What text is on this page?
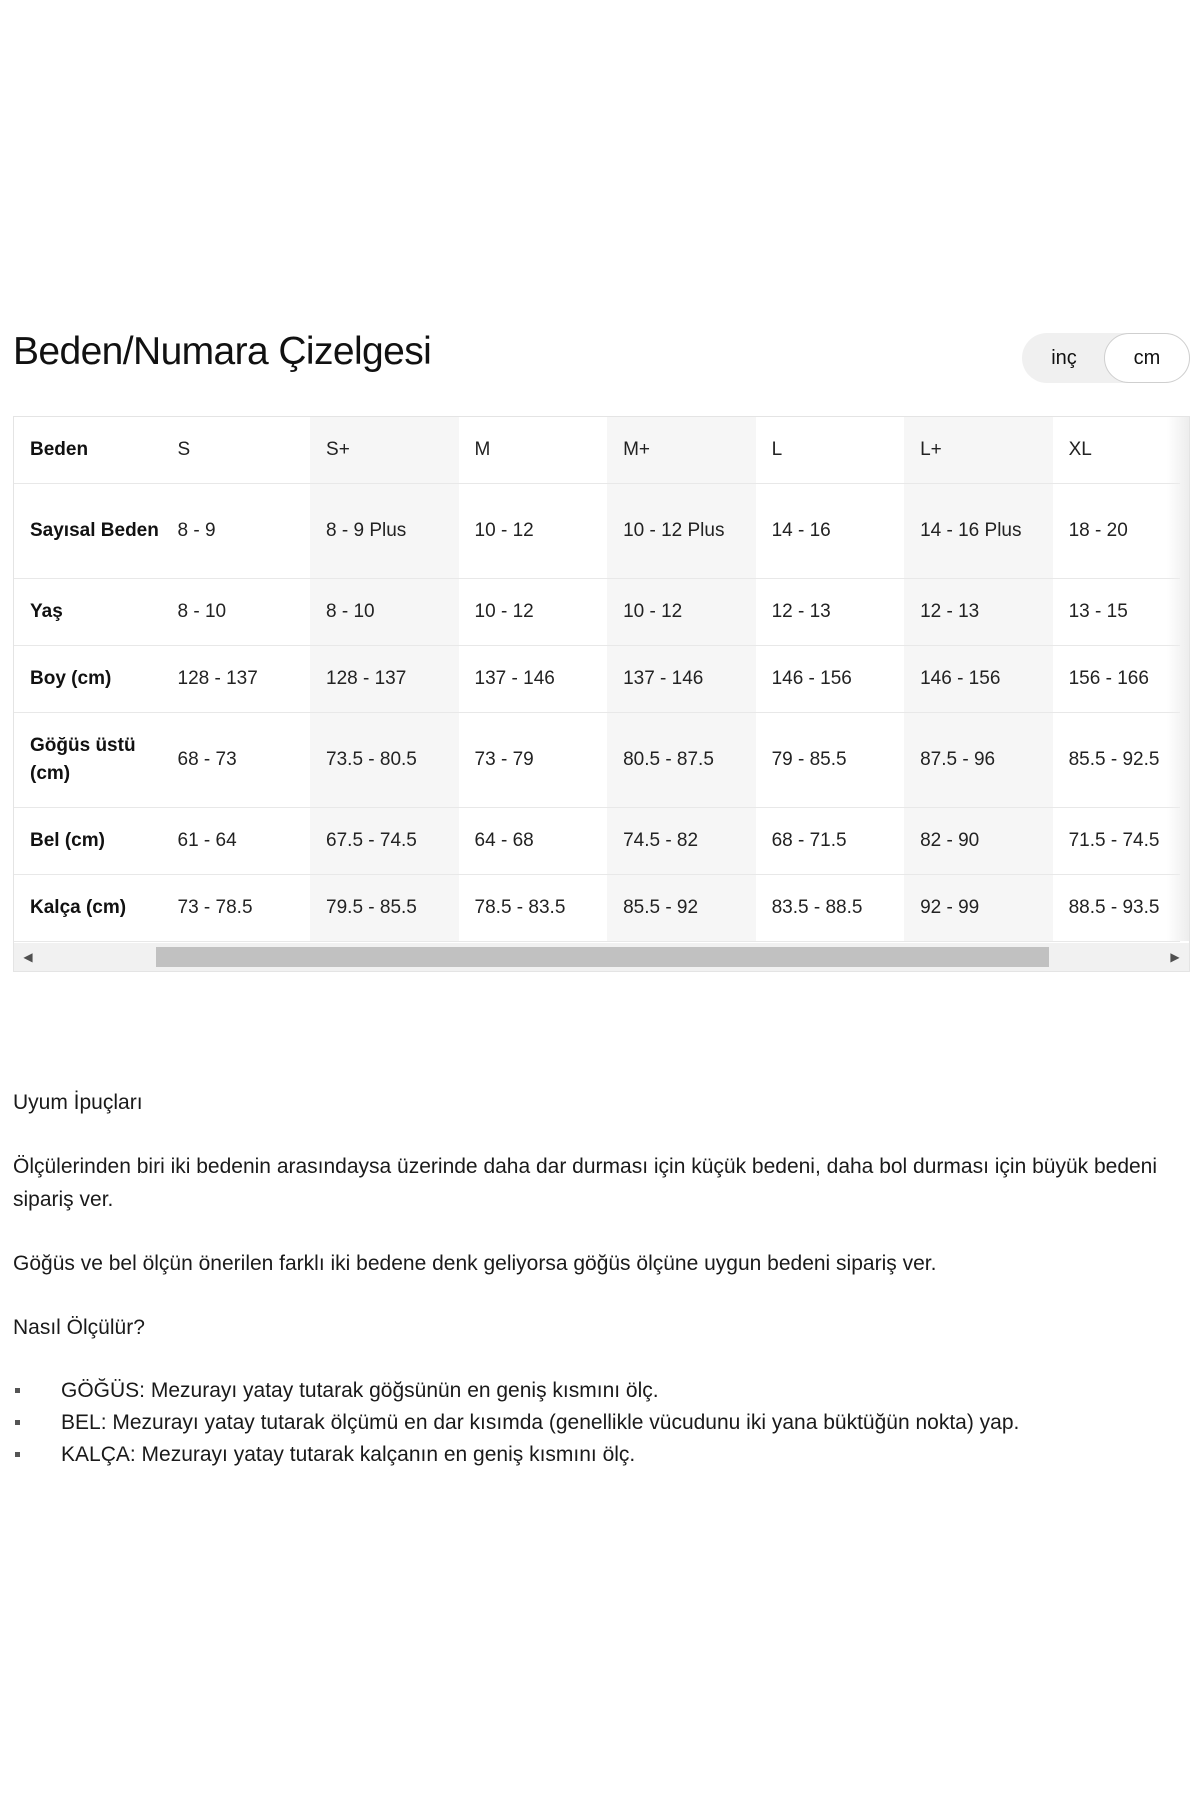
Beden/Numara Çizelgesi	inç	cm
Beden	S	S+	M	M+	L	L+	XL
Sayısal Beden	8 - 9	8 - 9 Plus	10 - 12	10 - 12 Plus	14 - 16	14 - 16 Plus	18 - 20
Yaş	8 - 10	8 - 10	10 - 12	10 - 12	12 - 13	12 - 13	13 - 15
Boy (cm)	128 - 137	128 - 137	137 - 146	137 - 146	146 - 156	146 - 156	156 - 166
Göğüs üstü (cm)	68 - 73	73.5 - 80.5	73 - 79	80.5 - 87.5	79 - 85.5	87.5 - 96	85.5 - 92.5
Bel (cm)	61 - 64	67.5 - 74.5	64 - 68	74.5 - 82	68 - 71.5	82 - 90	71.5 - 74.5
Kalça (cm)	73 - 78.5	79.5 - 85.5	78.5 - 83.5	85.5 - 92	83.5 - 88.5	92 - 99	88.5 - 93.5
◀	▶

Uyum İpuçları

Ölçülerinden biri iki bedenin arasındaysa üzerinde daha dar durması için küçük bedeni, daha bol durması için büyük bedeni sipariş ver.

Göğüs ve bel ölçün önerilen farklı iki bedene denk geliyorsa göğüs ölçüne uygun bedeni sipariş ver.

Nasıl Ölçülür?

GÖĞÜS: Mezurayı yatay tutarak göğsünün en geniş kısmını ölç.
BEL: Mezurayı yatay tutarak ölçümü en dar kısımda (genellikle vücudunu iki yana büktüğün nokta) yap.
KALÇA: Mezurayı yatay tutarak kalçanın en geniş kısmını ölç.
